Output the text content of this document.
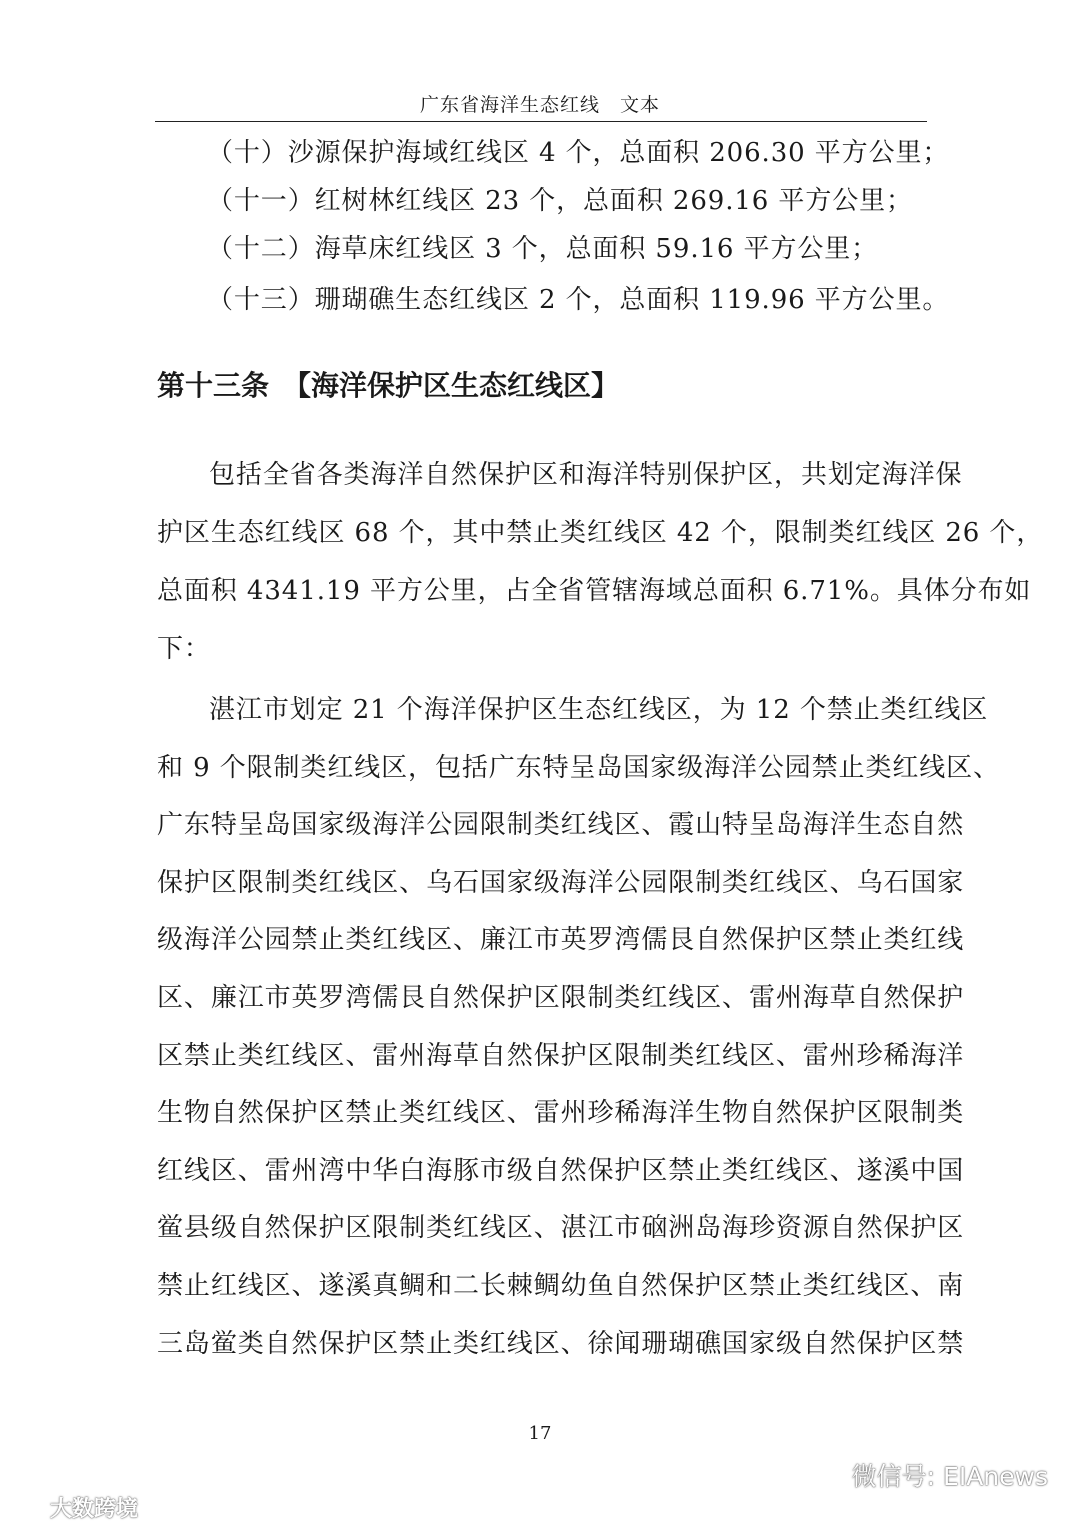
广东省海洋生态红线　文本
（十）沙源保护海域红线区 4 个，总面积 206.30 平方公里；
（十一）红树林红线区 23 个，总面积 269.16 平方公里；
（十二）海草床红线区 3 个，总面积 59.16 平方公里；
（十三）珊瑚礁生态红线区 2 个，总面积 119.96 平方公里。
第十三条　【海洋保护区生态红线区】
包 括 全 省 各 类 海 洋 自 然 保 护 区 和 海 洋 特 别 保 护 区 ， 共 划 定 海 洋 保
护 区 生 态 红 线 区
6 8
个 ， 其 中 禁 止 类 红 线 区
4 2
个 ， 限 制 类 红 线 区
2 6
个 ，
总 面 积
4 3 4 1 . 1 9
平 方 公 里 ， 占 全 省 管 辖 海 域 总 面 积
6 . 7 1 % 。 具 体 分 布 如
下：
湛 江 市 划 定
2 1
个 海 洋 保 护 区 生 态 红 线 区 ， 为
1 2
个 禁 止 类 红 线 区
和
9
个 限 制 类 红 线 区 ， 包 括 广 东 特 呈 岛 国 家 级 海 洋 公 园 禁 止 类 红 线 区 、
广 东 特 呈 岛 国 家 级 海 洋 公 园 限 制 类 红 线 区 、 霞 山 特 呈 岛 海 洋 生 态 自 然
保 护 区 限 制 类 红 线 区 、 乌 石 国 家 级 海 洋 公 园 限 制 类 红 线 区 、 乌 石 国 家
级 海 洋 公 园 禁 止 类 红 线 区 、 廉 江 市 英 罗 湾 儒 艮 自 然 保 护 区 禁 止 类 红 线
区 、 廉 江 市 英 罗 湾 儒 艮 自 然 保 护 区 限 制 类 红 线 区 、 雷 州 海 草 自 然 保 护
区 禁 止 类 红 线 区 、 雷 州 海 草 自 然 保 护 区 限 制 类 红 线 区 、 雷 州 珍 稀 海 洋
生 物 自 然 保 护 区 禁 止 类 红 线 区 、 雷 州 珍 稀 海 洋 生 物 自 然 保 护 区 限 制 类
红 线 区 、 雷 州 湾 中 华 白 海 豚 市 级 自 然 保 护 区 禁 止 类 红 线 区 、 遂 溪 中 国
鲎 县 级 自 然 保 护 区 限 制 类 红 线 区 、 湛 江 市 硇 洲 岛 海 珍 资 源 自 然 保 护 区
禁 止 红 线 区 、 遂 溪 真 鲷 和 二 长 棘 鲷 幼 鱼 自 然 保 护 区 禁 止 类 红 线 区 、 南
三 岛 鲎 类 自 然 保 护 区 禁 止 类 红 线 区 、 徐 闻 珊 瑚 礁 国 家 级 自 然 保 护 区 禁
17
大数跨境
微信号: EIAnews
